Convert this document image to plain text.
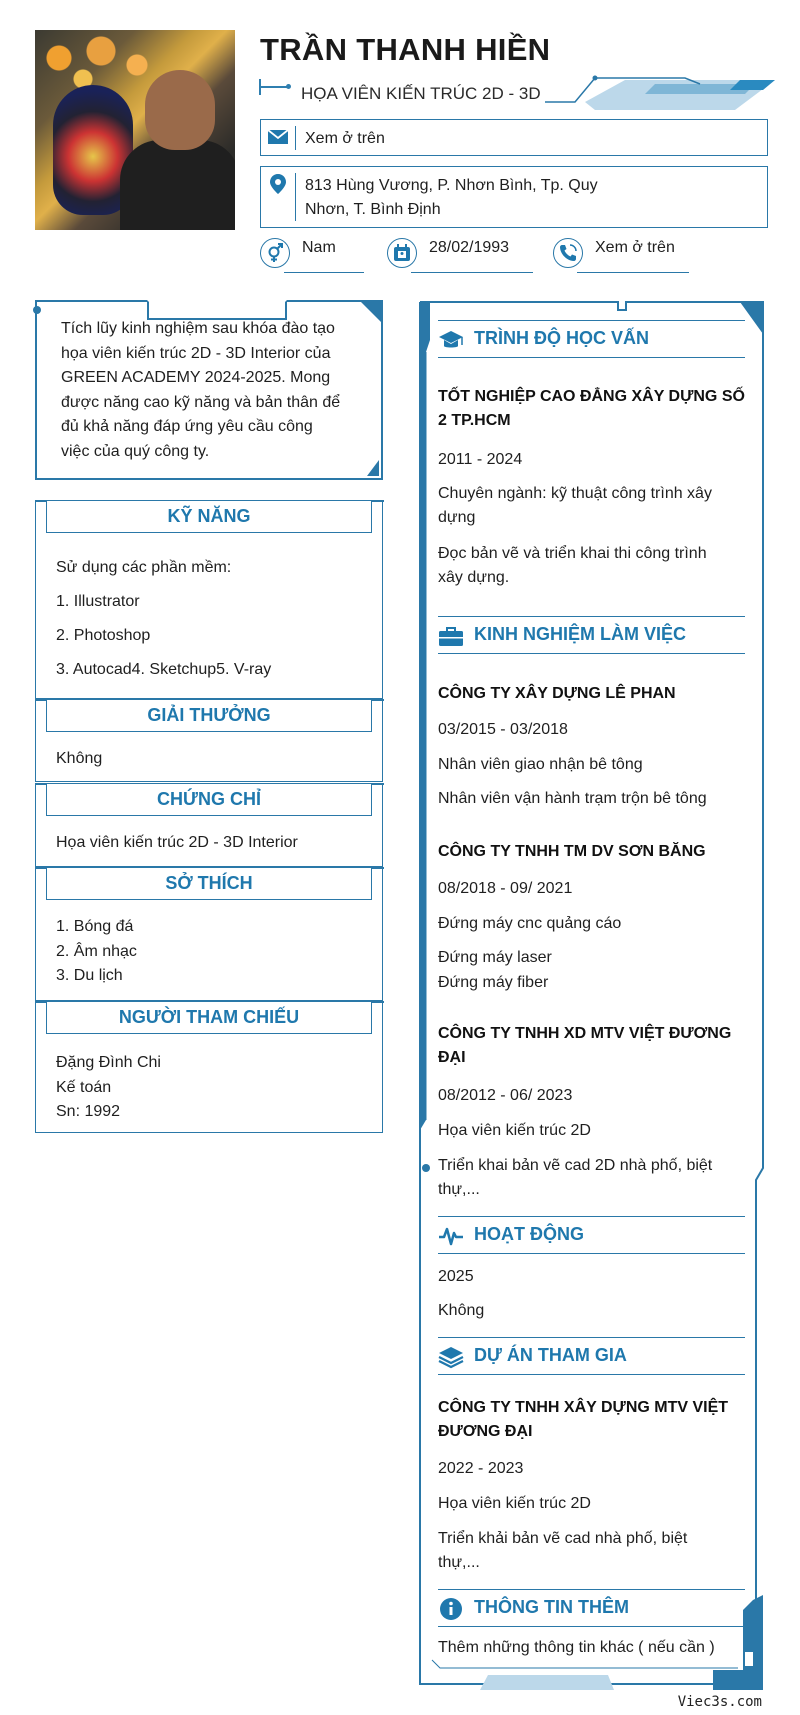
TRẦN THANH HIỀN
HỌA VIÊN KIẾN TRÚC 2D - 3D
Xem ở trên
813 Hùng Vương, P. Nhơn Bình, Tp. Quy
Nhơn, T. Bình Định
Nam	28/02/1993	Xem ở trên
Tích lũy kinh nghiệm sau khóa đào tạo
họa viên kiến trúc 2D - 3D Interior của
GREEN ACADEMY 2024-2025. Mong
được năng cao kỹ năng và bản thân để
đủ khả năng đáp ứng yêu cầu công
việc của quý công ty.
KỸ NĂNG
Sử dụng các phần mềm:
1. Illustrator
2. Photoshop
3. Autocad4. Sketchup5. V-ray
GIẢI THƯỞNG
Không
CHỨNG CHỈ
Họa viên kiến trúc 2D - 3D Interior
SỞ THÍCH
1. Bóng đá
2. Âm nhạc
3. Du lịch
NGƯỜI THAM CHIẾU
Đặng Đình Chi
Kế toán
Sn: 1992
TRÌNH ĐỘ HỌC VẤN
TỐT NGHIỆP CAO ĐẲNG XÂY DỰNG SỐ
2 TP.HCM
2011 - 2024
Chuyên ngành: kỹ thuật công trình xây
dựng
Đọc bản vẽ và triển khai thi công trình
xây dựng.
KINH NGHIỆM LÀM VIỆC
CÔNG TY XÂY DỰNG LÊ PHAN
03/2015 - 03/2018
Nhân viên giao nhận bê tông
Nhân viên vận hành trạm trộn bê tông
CÔNG TY TNHH TM DV SƠN BĂNG
08/2018 - 09/ 2021
Đứng máy cnc quảng cáo
Đứng máy laser
Đứng máy fiber
CÔNG TY TNHH XD MTV VIỆT ĐƯƠNG
ĐẠI
08/2012 - 06/ 2023
Họa viên kiến trúc 2D
Triển khai bản vẽ cad 2D nhà phố, biệt
thự,...
HOẠT ĐỘNG
2025
Không
DỰ ÁN THAM GIA
CÔNG TY TNHH XÂY DỰNG MTV VIỆT
ĐƯƠNG ĐẠI
2022 - 2023
Họa viên kiến trúc 2D
Triển khải bản vẽ cad nhà phố, biệt
thự,...
THÔNG TIN THÊM
Thêm những thông tin khác ( nếu cần )
Viec3s.com
